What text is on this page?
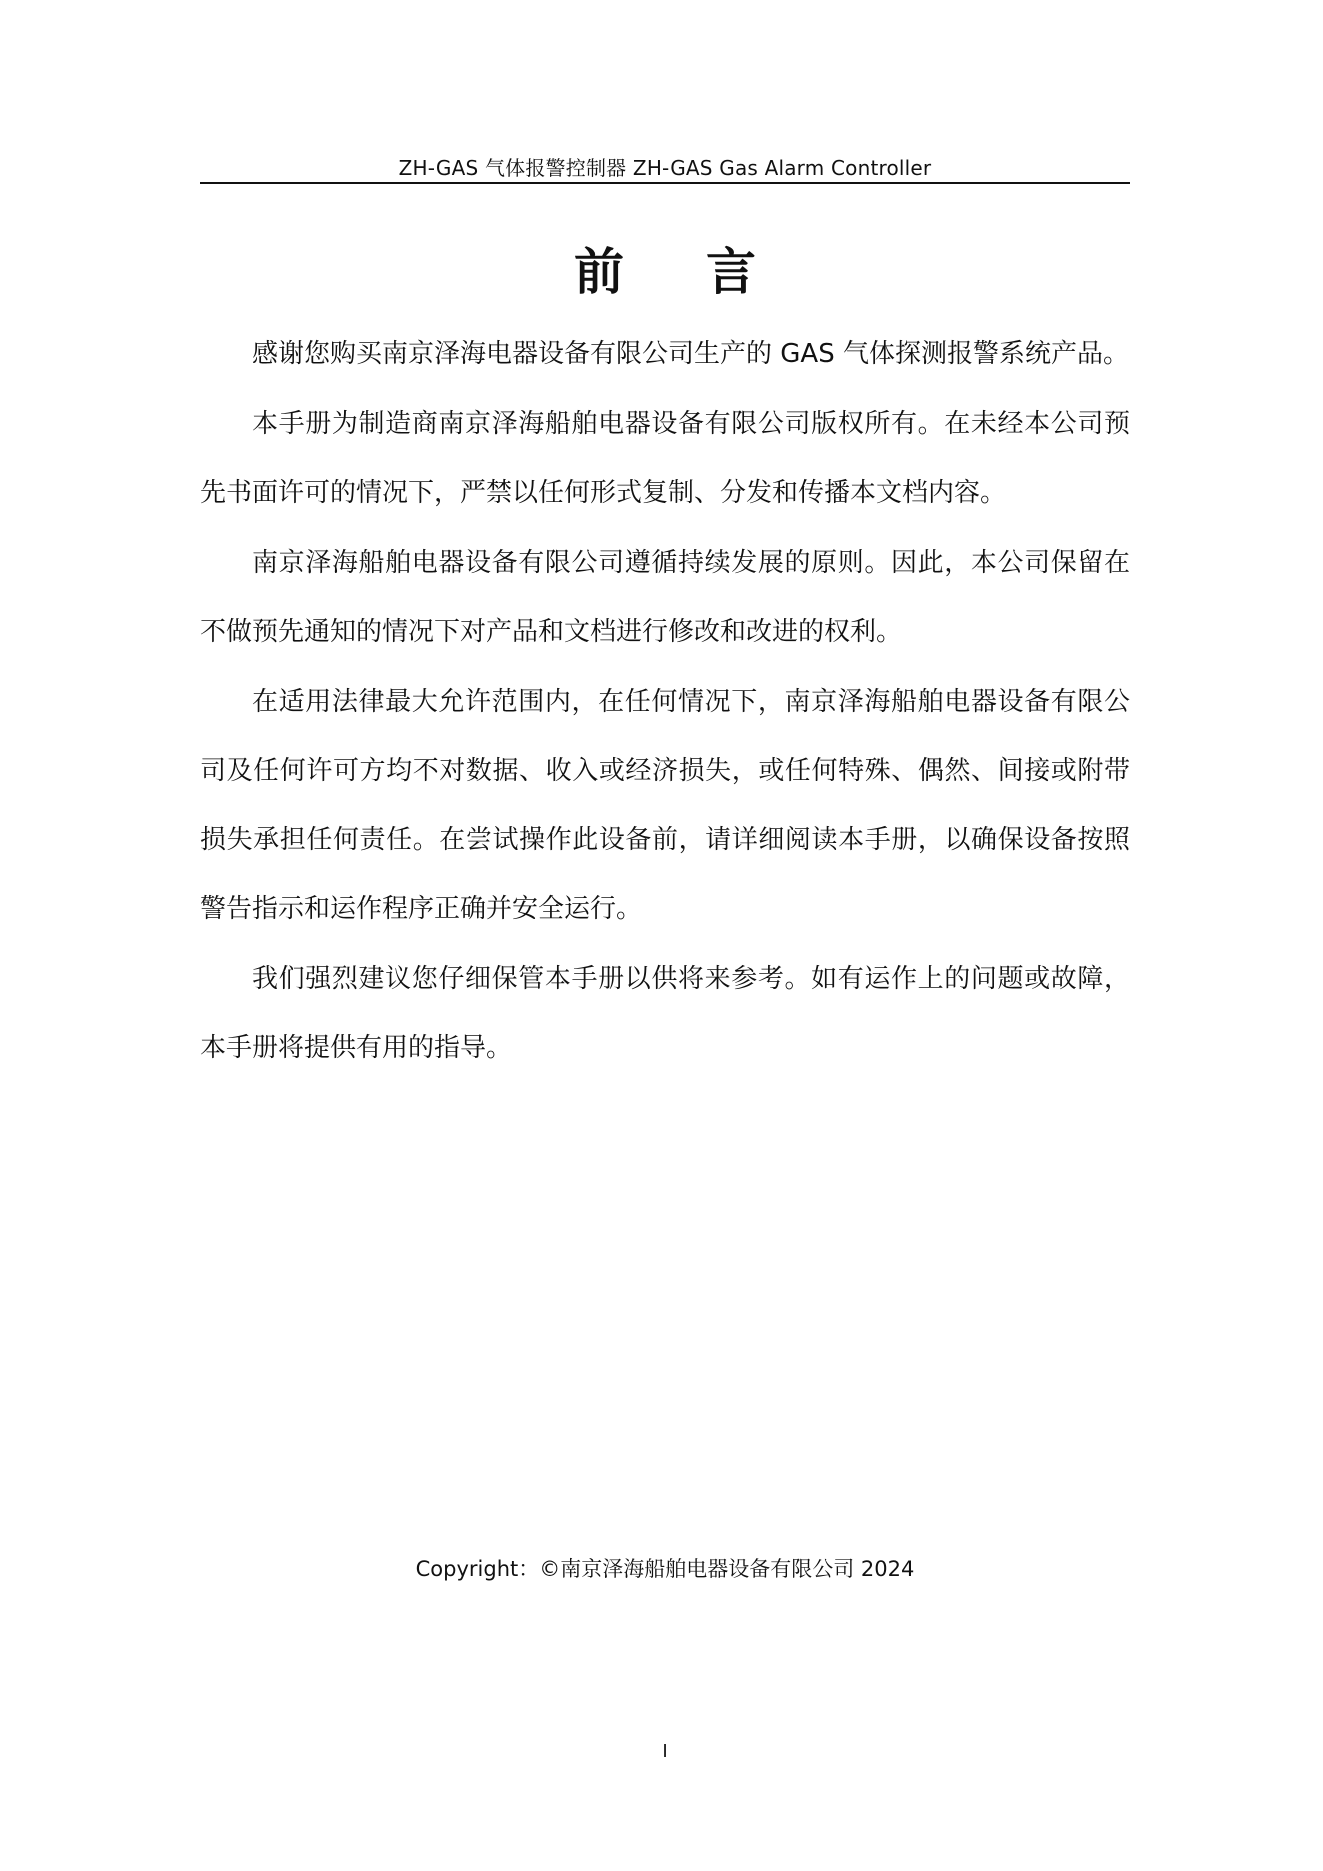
ZH-GAS 气体报警控制器 ZH-GAS Gas Alarm Controller
前言

感谢您购买南京泽海电器设备有限公司生产的 GAS 气体探测报警系统产品。

本手册为制造商南京泽海船舶电器设备有限公司版权所有。在未经本公司预先书面许可的情况下，严禁以任何形式复制、分发和传播本文档内容。

南京泽海船舶电器设备有限公司遵循持续发展的原则。因此，本公司保留在不做预先通知的情况下对产品和文档进行修改和改进的权利。

在适用法律最大允许范围内，在任何情况下，南京泽海船舶电器设备有限公司及任何许可方均不对数据、收入或经济损失，或任何特殊、偶然、间接或附带损失承担任何责任。在尝试操作此设备前，请详细阅读本手册，以确保设备按照警告指示和运作程序正确并安全运行。

我们强烈建议您仔细保管本手册以供将来参考。如有运作上的问题或故障，本手册将提供有用的指导。

Copyright：©南京泽海船舶电器设备有限公司 2024
I
